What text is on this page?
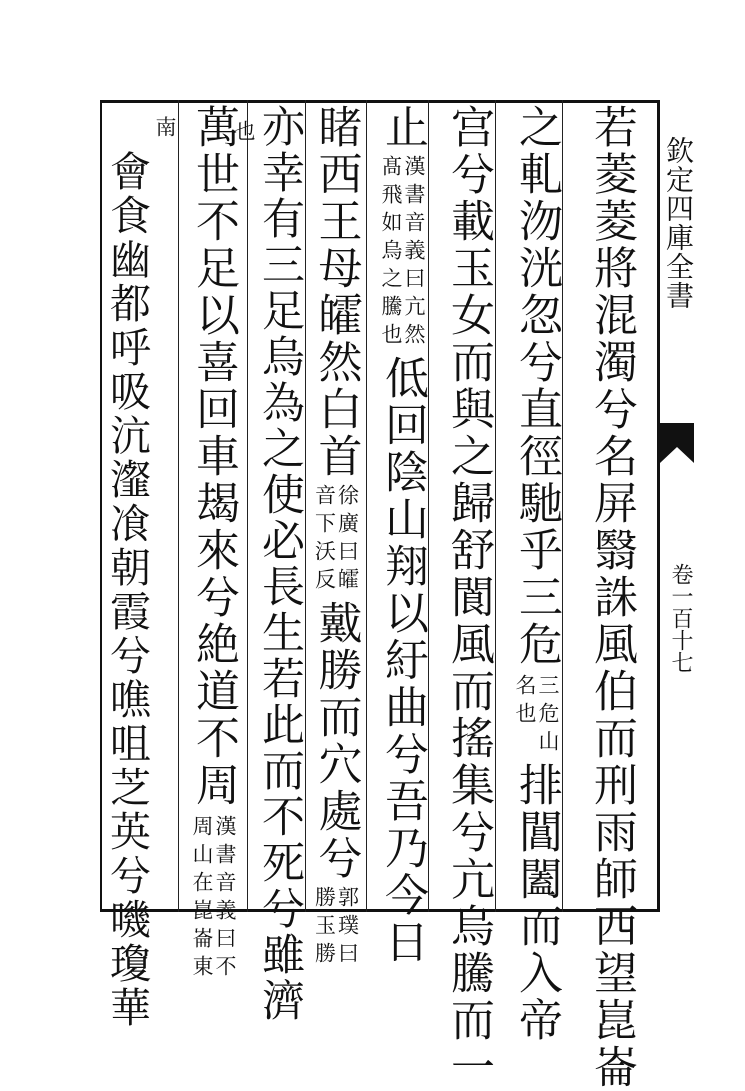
欽定四庫全書
卷一百十七
若菱菱將混濁兮名屏翳誅風伯而刑雨師西望崑崙
之軋沕洸忽兮直徑馳乎三危
三危山
名也
排閶闔而入帝
宫兮載玉女而與之歸舒閬風而搖集兮亢烏騰而一
止
漢書音義曰亢然
髙飛如烏之騰也
低回陰山翔以紆曲兮吾乃今日
睹西王母皬然白首
徐廣曰皬
音下沃反
戴勝而穴處兮
郭璞曰
勝玉勝
亦幸有三足烏為之使必長生若此而不死兮雖濟
也
萬世不足以喜回車朅來兮絶道不周
漢書音義曰不
周山在崑崙東
南
會食幽都呼吸沆瀣飡朝霞兮噍咀芝英兮嘰瓊華
